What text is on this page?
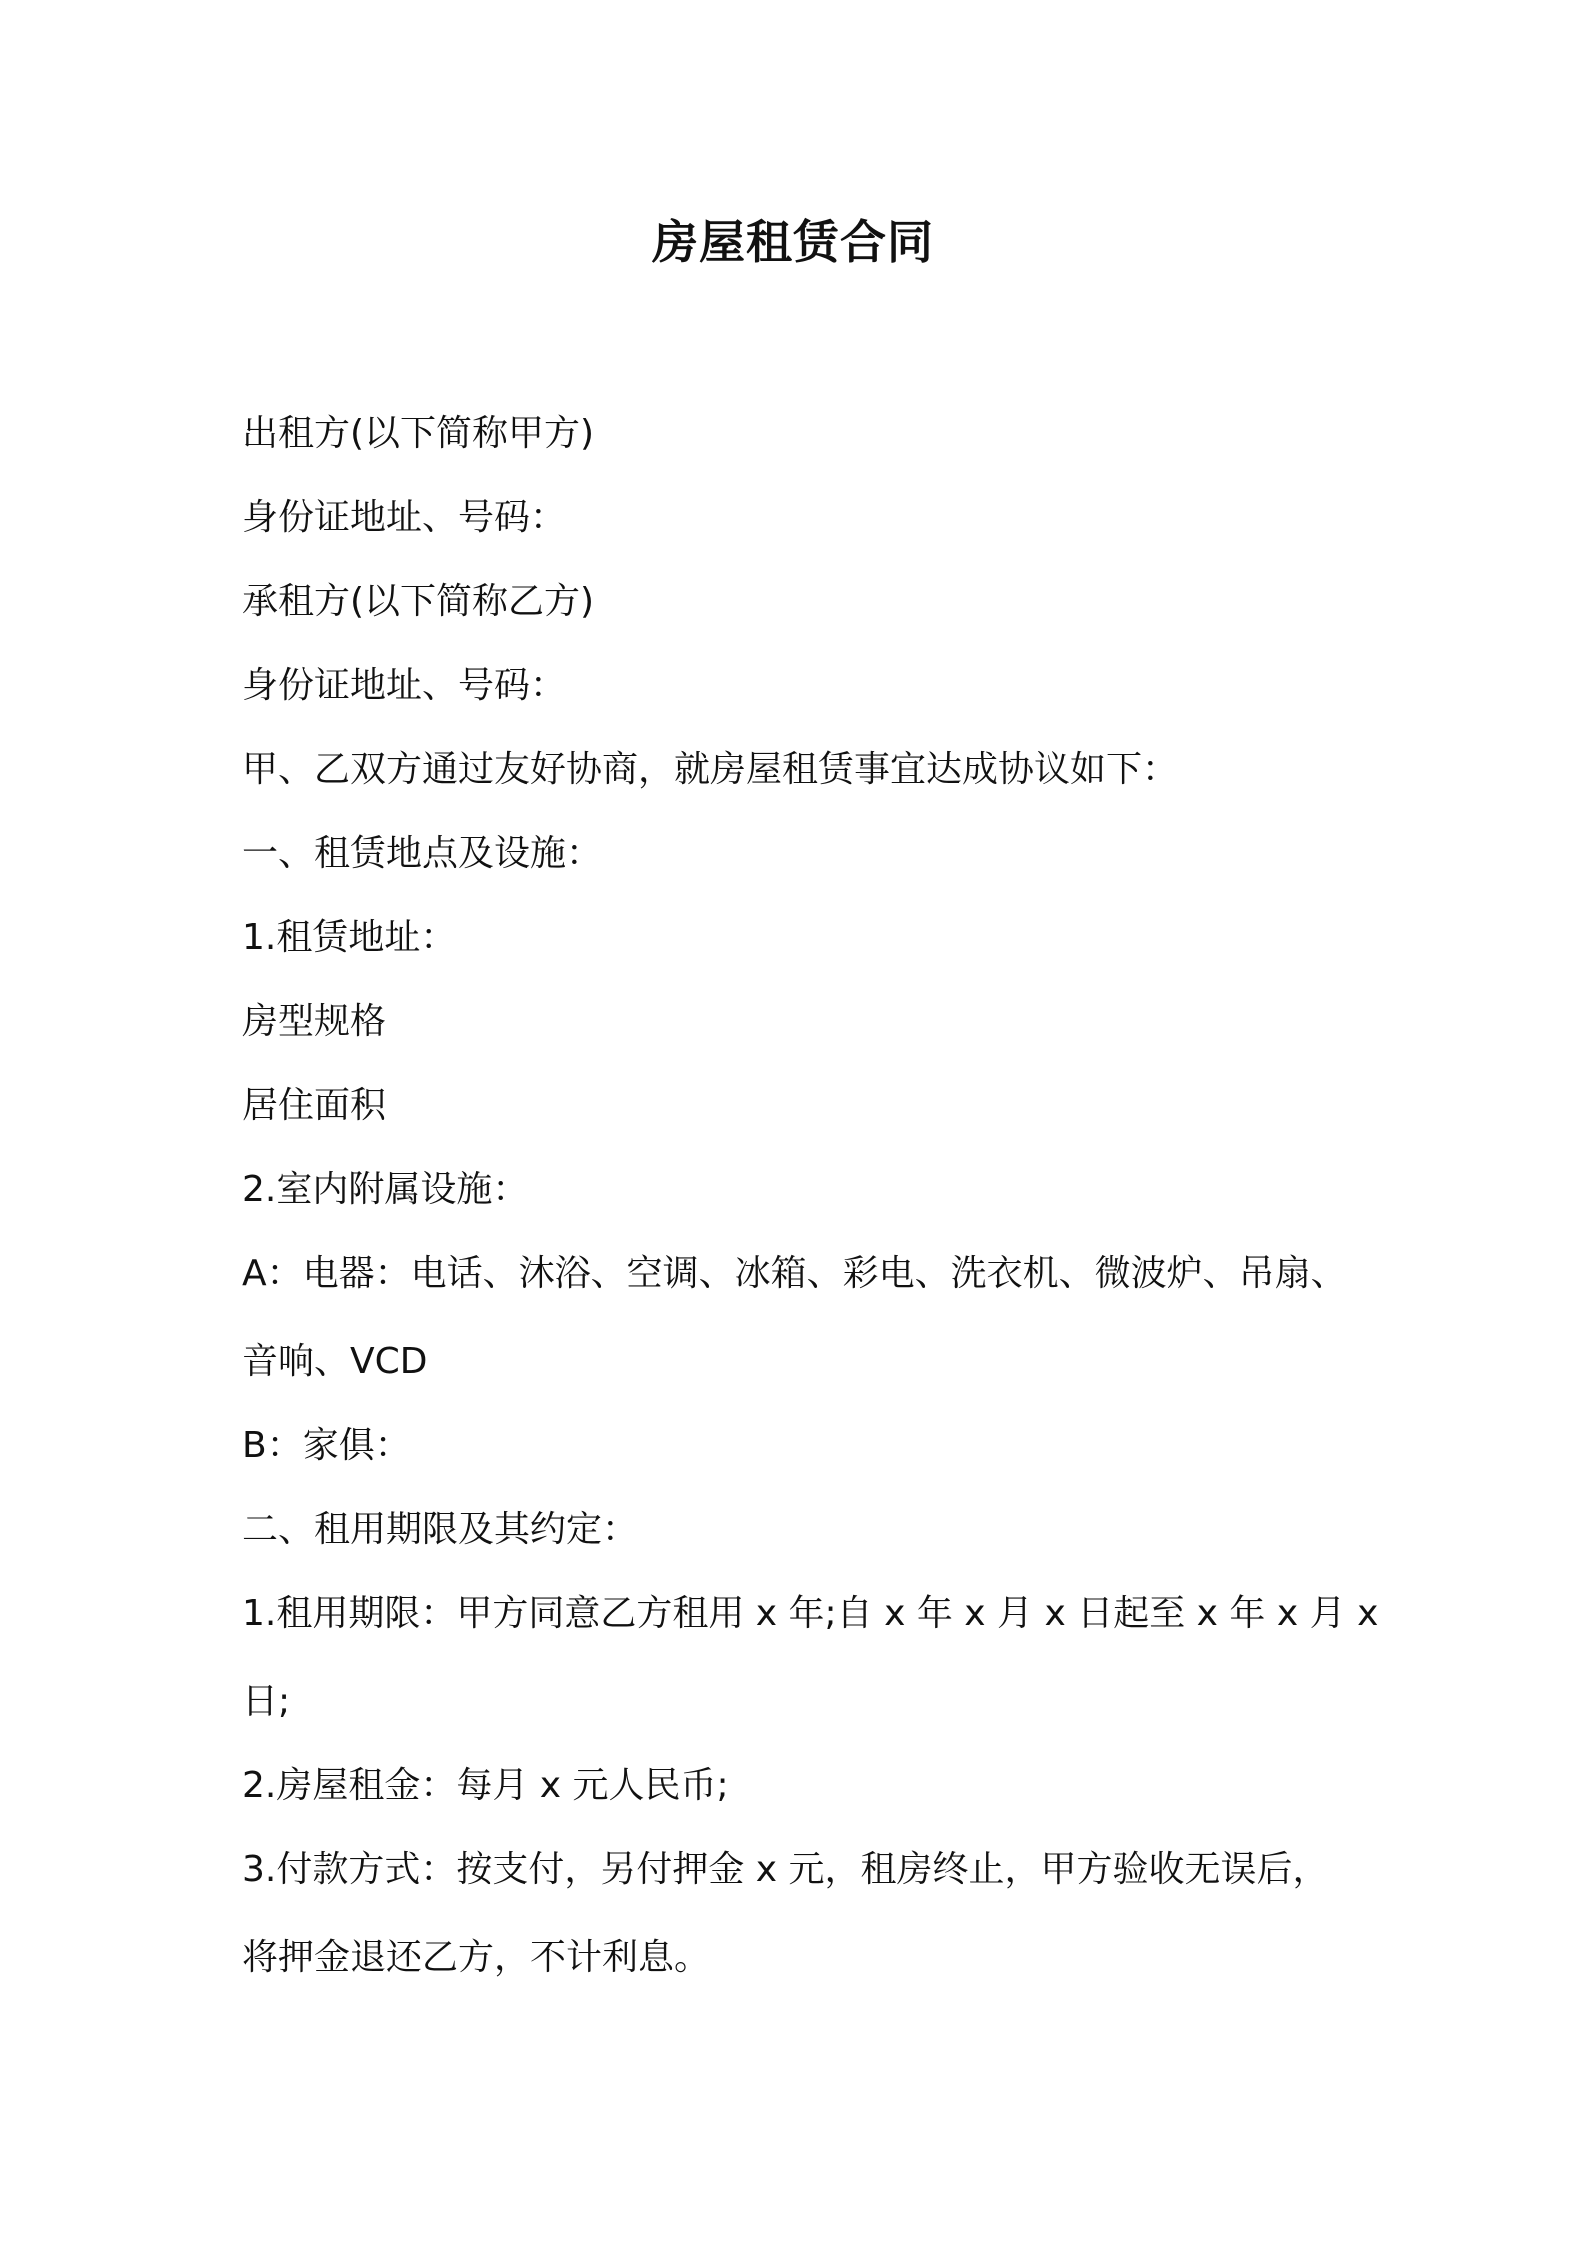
房屋租赁合同

出租方(以下简称甲方)

身份证地址、号码：

承租方(以下简称乙方)

身份证地址、号码：

甲、乙双方通过友好协商，就房屋租赁事宜达成协议如下：

一、租赁地点及设施：

1.租赁地址：

房型规格

居住面积

2.室内附属设施：

A：电器：电话、沐浴、空调、冰箱、彩电、洗衣机、微波炉、吊扇、

音响、VCD

B：家俱：

二、租用期限及其约定：

1.租用期限：甲方同意乙方租用 x 年;自 x 年 x 月 x 日起至 x 年 x 月 x

日;

2.房屋租金：每月 x 元人民币;

3.付款方式：按支付，另付押金 x 元，租房终止，甲方验收无误后，

将押金退还乙方，不计利息。
